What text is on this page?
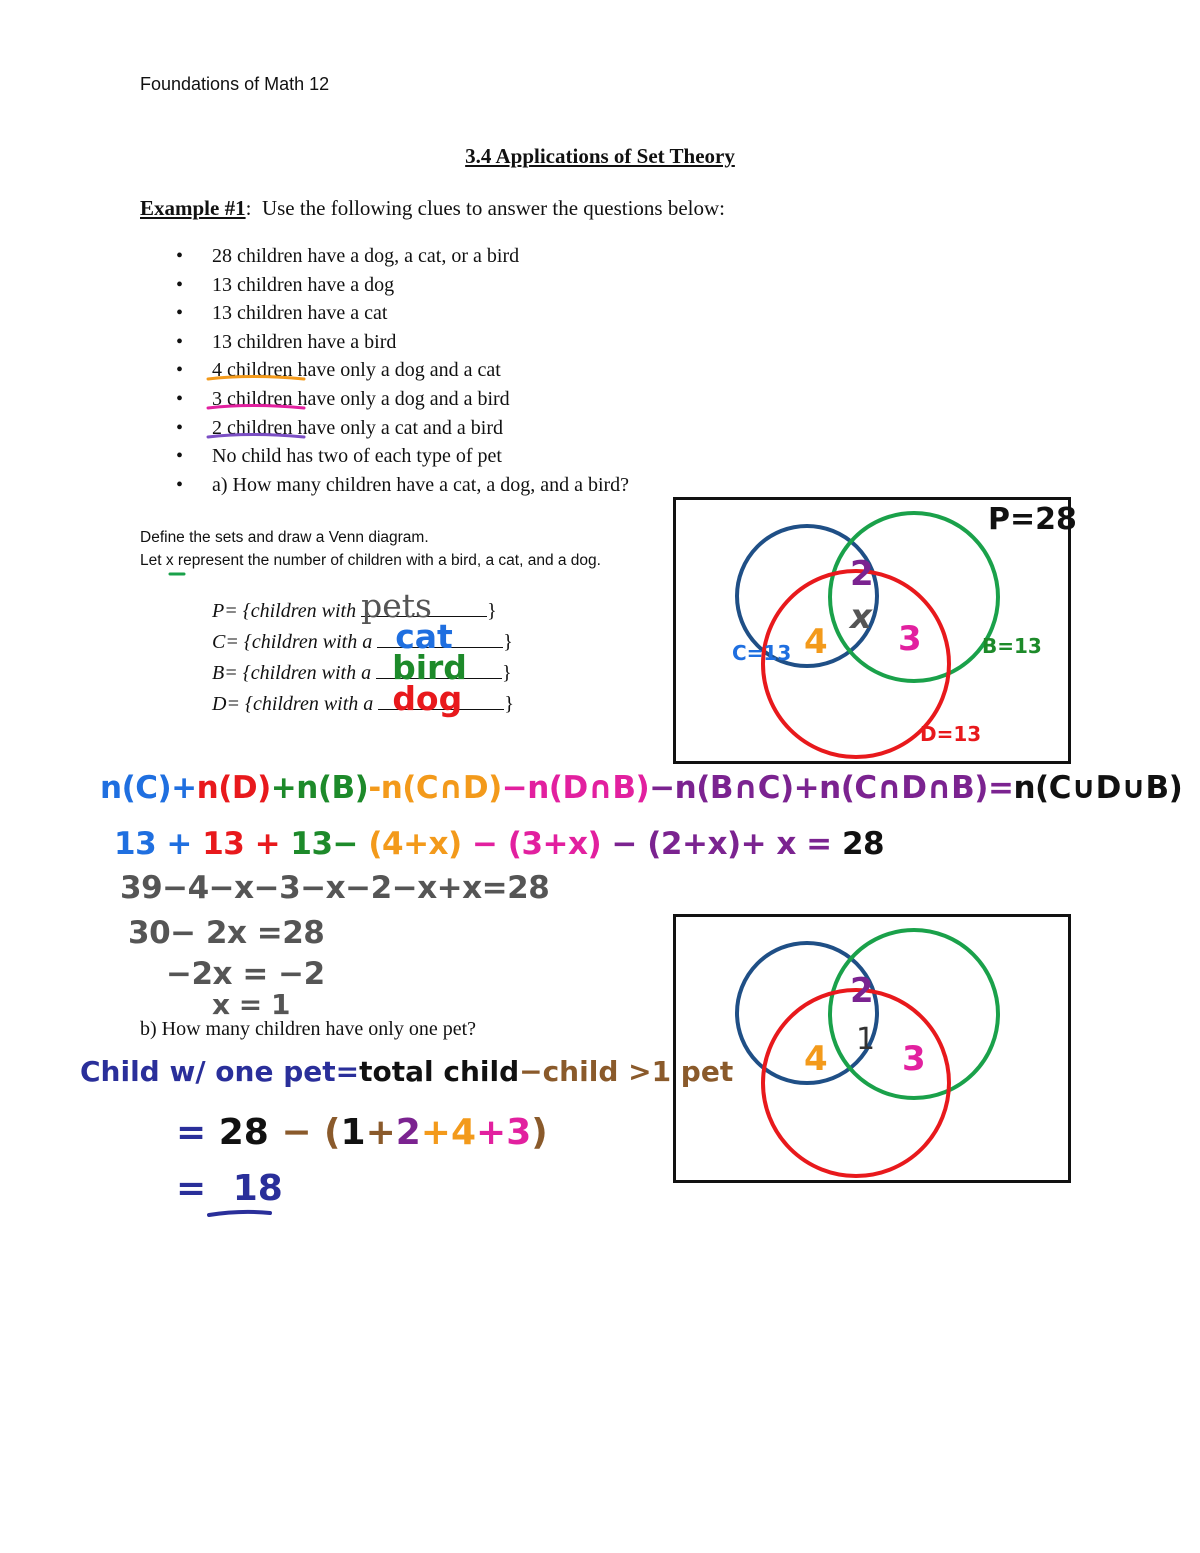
Foundations of Math 12
3.4 Applications of Set Theory
Example #1:  Use the following clues to answer the questions below:
• 28 children have a dog, a cat, or a bird
• 13 children have a dog
• 13 children have a cat
• 13 children have a bird
• 4 children have only a dog and a cat
• 3 children have only a dog and a bird
• 2 children have only a cat and a bird
• No child has two of each type of pet
• a) How many children have a cat, a dog, and a bird?
Define the sets and draw a Venn diagram.
Let x represent the number of children with a bird, a cat, and a dog.
P= {children with pets	}
C= {children with a cat	}
B= {children with a bird }
D= {children with a dog }
P=28
C=13	B=13
D=13
2
x
4 3
n(C)+n(D)+n(B)-n(C∩D)−n(D∩B)−n(B∩C)+n(C∩D∩B)=n(C∪D∪B)
13 + 13 + 13− (4+x) − (3+x) − (2+x)+ x = 28
39−4−x−3−x−2−x+x=28
30− 2x =28
−2x = −2
x = 1	2
1
4 3
b) How many children have only one pet?
Child w/ one pet=total child−child >1 pet
= 28 − (1+2+4+3)
= 18
